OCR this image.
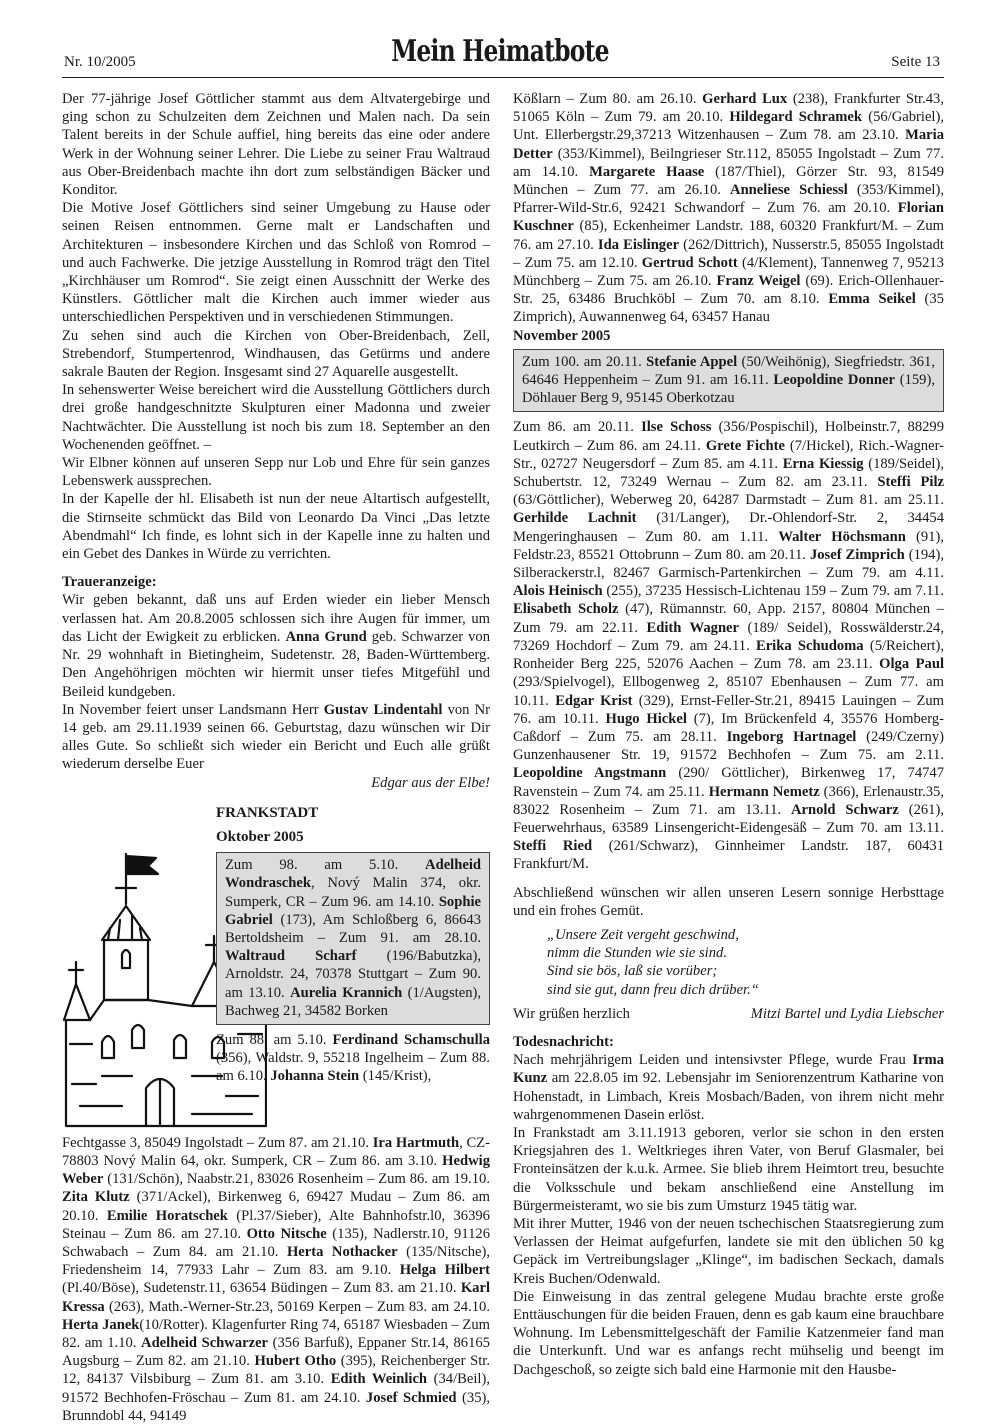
Nr. 10/2005	Mein Heimatbote	Seite 13

Der 77-jährige Josef Göttlicher stammt aus dem Altvatergebirge und ging schon zu Schulzeiten dem Zeichnen und Malen nach. Da sein Talent bereits in der Schule auffiel, hing bereits das eine oder andere Werk in der Wohnung seiner Lehrer. Die Liebe zu seiner Frau Waltraud aus Ober-Breidenbach machte ihn dort zum selbständigen Bäcker und Konditor.

Die Motive Josef Göttlichers sind seiner Umgebung zu Hause oder seinen Reisen entnommen. Gerne malt er Landschaften und Architekturen – insbesondere Kirchen und das Schloß von Romrod – und auch Fachwerke. Die jetzige Ausstellung in Romrod trägt den Titel „Kirchhäuser um Romrod“. Sie zeigt einen Ausschnitt der Werke des Künstlers. Göttlicher malt die Kirchen auch immer wieder aus unterschiedlichen Perspektiven und in verschiedenen Stimmungen.

Zu sehen sind auch die Kirchen von Ober-Breidenbach, Zell, Strebendorf, Stumpertenrod, Windhausen, das Getürms und andere sakrale Bauten der Region. Insgesamt sind 27 Aquarelle ausgestellt.

In sehenswerter Weise bereichert wird die Ausstellung Göttlichers durch drei große handgeschnitzte Skulpturen einer Madonna und zweier Nachtwächter. Die Ausstellung ist noch bis zum 18. September an den Wochenenden geöffnet. –

Wir Elbner können auf unseren Sepp nur Lob und Ehre für sein ganzes Lebenswerk aussprechen.

In der Kapelle der hl. Elisabeth ist nun der neue Altartisch aufgestellt, die Stirnseite schmückt das Bild von Leonardo Da Vinci „Das letzte Abendmahl“ Ich finde, es lohnt sich in der Kapelle inne zu halten und ein Gebet des Dankes in Würde zu verrichten.

Traueranzeige:

Wir geben bekannt, daß uns auf Erden wieder ein lieber Mensch verlassen hat. Am 20.8.2005 schlossen sich ihre Augen für immer, um das Licht der Ewigkeit zu erblicken. Anna Grund geb. Schwarzer von Nr. 29 wohnhaft in Bietingheim, Sudetenstr. 28, Baden-Württemberg. Den Angehöhrigen möchten wir hiermit unser tiefes Mitgefühl und Beileid kundgeben.

In November feiert unser Landsmann Herr Gustav Lindentahl von Nr 14 geb. am 29.11.1939 seinen 66. Geburtstag, dazu wünschen wir Dir alles Gute. So schließt sich wieder ein Bericht und Euch alle grüßt wiederum derselbe Euer

Edgar aus der Elbe!

FRANKSTADT
Oktober 2005
Zum 98. am 5.10. Adelheid Wondraschek, Nový Malin 374, okr. Sumperk, CR – Zum 96. am 14.10. Sophie Gabriel (173), Am Schloßberg 6, 86643 Bertoldsheim – Zum 91. am 28.10. Waltraud Scharf (196/Babutzka), Arnoldstr. 24, 70378 Stuttgart – Zum 90. am 13.10. Aurelia Krannich (1/Augsten), Bachweg 21, 34582 Borken

Zum 88. am 5.10. Ferdinand Schamschulla (356), Waldstr. 9, 55218 Ingelheim – Zum 88. am 6.10. Johanna Stein (145/Krist),

Fechtgasse 3, 85049 Ingolstadt – Zum 87. am 21.10. Ira Hartmuth, CZ-78803 Nový Malin 64, okr. Sumperk, CR – Zum 86. am 3.10. Hedwig Weber (131/Schön), Naabstr.21, 83026 Rosenheim – Zum 86. am 19.10. Zita Klutz (371/Ackel), Birkenweg 6, 69427 Mudau – Zum 86. am 20.10. Emilie Horatschek (Pl.37/Sieber), Alte Bahnhofstr.l0, 36396 Steinau – Zum 86. am 27.10. Otto Nitsche (135), Nadlerstr.10, 91126 Schwabach – Zum 84. am 21.10. Herta Nothacker (135/Nitsche), Friedensheim 14, 77933 Lahr – Zum 83. am 9.10. Helga Hilbert (Pl.40/Böse), Sudetenstr.11, 63654 Büdingen – Zum 83. am 21.10. Karl Kressa (263), Math.-Werner-Str.23, 50169 Kerpen – Zum 83. am 24.10. Herta Janek(10/Rotter). Klagenfurter Ring 74, 65187 Wiesbaden – Zum 82. am 1.10. Adelheid Schwarzer (356 Barfuß), Eppaner Str.14, 86165 Augsburg – Zum 82. am 21.10. Hubert Otho (395), Reichenberger Str. 12, 84137 Vilsbiburg – Zum 81. am 3.10. Edith Weinlich (34/Beil), 91572 Bechhofen-Fröschau – Zum 81. am 24.10. Josef Schmied (35), Brunndobl 44, 94149

Kößlarn – Zum 80. am 26.10. Gerhard Lux (238), Frankfurter Str.43, 51065 Köln – Zum 79. am 20.10. Hildegard Schramek (56/Gabriel), Unt. Ellerbergstr.29,37213 Witzenhausen – Zum 78. am 23.10. Maria Detter (353/Kimmel), Beilngrieser Str.112, 85055 Ingolstadt – Zum 77. am 14.10. Margarete Haase (187/Thiel), Görzer Str. 93, 81549 München – Zum 77. am 26.10. Anneliese Schiessl (353/Kimmel), Pfarrer-Wild-Str.6, 92421 Schwandorf – Zum 76. am 20.10. Florian Kuschner (85), Eckenheimer Landstr. 188, 60320 Frankfurt/M. – Zum 76. am 27.10. Ida Eislinger (262/Dittrich), Nusserstr.5, 85055 Ingolstadt – Zum 75. am 12.10. Gertrud Schott (4/Klement), Tannenweg 7, 95213 Münchberg – Zum 75. am 26.10. Franz Weigel (69). Erich-Ollenhauer-Str. 25, 63486 Bruchköbl – Zum 70. am 8.10. Emma Seikel (35 Zimprich), Auwannenweg 64, 63457 Hanau

November 2005

Zum 100. am 20.11. Stefanie Appel (50/Weihönig), Siegfriedstr. 361, 64646 Heppenheim – Zum 91. am 16.11. Leopoldine Donner (159), Döhlauer Berg 9, 95145 Oberkotzau

Zum 86. am 20.11. Ilse Schoss (356/Pospischil), Holbeinstr.7, 88299 Leutkirch – Zum 86. am 24.11. Grete Fichte (7/Hickel), Rich.-Wagner-Str., 02727 Neugersdorf – Zum 85. am 4.11. Erna Kiessig (189/Seidel), Schubertstr. 12, 73249 Wernau – Zum 82. am 23.11. Steffi Pilz (63/Göttlicher), Weberweg 20, 64287 Darmstadt – Zum 81. am 25.11. Gerhilde Lachnit (31/Langer), Dr.-Ohlendorf-Str. 2, 34454 Mengeringhausen – Zum 80. am 1.11. Walter Höchsmann (91), Feldstr.23, 85521 Ottobrunn – Zum 80. am 20.11. Josef Zimprich (194), Silberackerstr.l, 82467 Garmisch-Partenkirchen – Zum 79. am 4.11. Alois Heinisch (255), 37235 Hessisch-Lichtenau 159 – Zum 79. am 7.11. Elisabeth Scholz (47), Rümannstr. 60, App. 2157, 80804 München – Zum 79. am 22.11. Edith Wagner (189/ Seidel), Rosswälderstr.24, 73269 Hochdorf – Zum 79. am 24.11. Erika Schudoma (5/Reichert), Ronheider Berg 225, 52076 Aachen – Zum 78. am 23.11. Olga Paul (293/Spielvogel), Ellbogenweg 2, 85107 Ebenhausen – Zum 77. am 10.11. Edgar Krist (329), Ernst-Feller-Str.21, 89415 Lauingen – Zum 76. am 10.11. Hugo Hickel (7), Im Brückenfeld 4, 35576 Homberg-Caßdorf – Zum 75. am 28.11. Ingeborg Hartnagel (249/Czerny) Gunzenhausener Str. 19, 91572 Bechhofen – Zum 75. am 2.11. Leopoldine Angstmann (290/ Göttlicher), Birkenweg 17, 74747 Ravenstein – Zum 74. am 25.11. Hermann Nemetz (366), Erlenaustr.35, 83022 Rosenheim – Zum 71. am 13.11. Arnold Schwarz (261), Feuerwehrhaus, 63589 Linsengericht-Eidengesäß – Zum 70. am 13.11. Steffi Ried (261/Schwarz), Ginnheimer Landstr. 187, 60431 Frankfurt/M.

Abschließend wünschen wir allen unseren Lesern sonnige Herbsttage und ein frohes Gemüt.

„Unsere Zeit vergeht geschwind,
nimm die Stunden wie sie sind.
Sind sie bös, laß sie vorüber;
sind sie gut, dann freu dich drüber.“

Wir grüßen herzlich	Mitzi Bartel und Lydia Liebscher

Todesnachricht:

Nach mehrjährigem Leiden und intensivster Pflege, wurde Frau Irma Kunz am 22.8.05 im 92. Lebensjahr im Seniorenzentrum Katharine von Hohenstadt, in Limbach, Kreis Mosbach/Baden, von ihrem nicht mehr wahrgenommenen Dasein erlöst.

In Frankstadt am 3.11.1913 geboren, verlor sie schon in den ersten Kriegsjahren des 1. Weltkrieges ihren Vater, von Beruf Glasmaler, bei Fronteinsätzen der k.u.k. Armee. Sie blieb ihrem Heimtort treu, besuchte die Volksschule und bekam anschließend eine Anstellung im Bürgermeisteramt, wo sie bis zum Umsturz 1945 tätig war.

Mit ihrer Mutter, 1946 von der neuen tschechischen Staatsregierung zum Verlassen der Heimat aufgefurfen, landete sie mit den üblichen 50 kg Gepäck im Vertreibungslager „Klinge“, im badischen Seckach, damals Kreis Buchen/Odenwald.

Die Einweisung in das zentral gelegene Mudau brachte erste große Enttäuschungen für die beiden Frauen, denn es gab kaum eine brauchbare Wohnung. Im Lebensmittelgeschäft der Familie Katzenmeier fand man die Unterkunft. Und war es anfangs recht mühselig und beengt im Dachgeschoß, so zeigte sich bald eine Harmonie mit den Hausbe-
